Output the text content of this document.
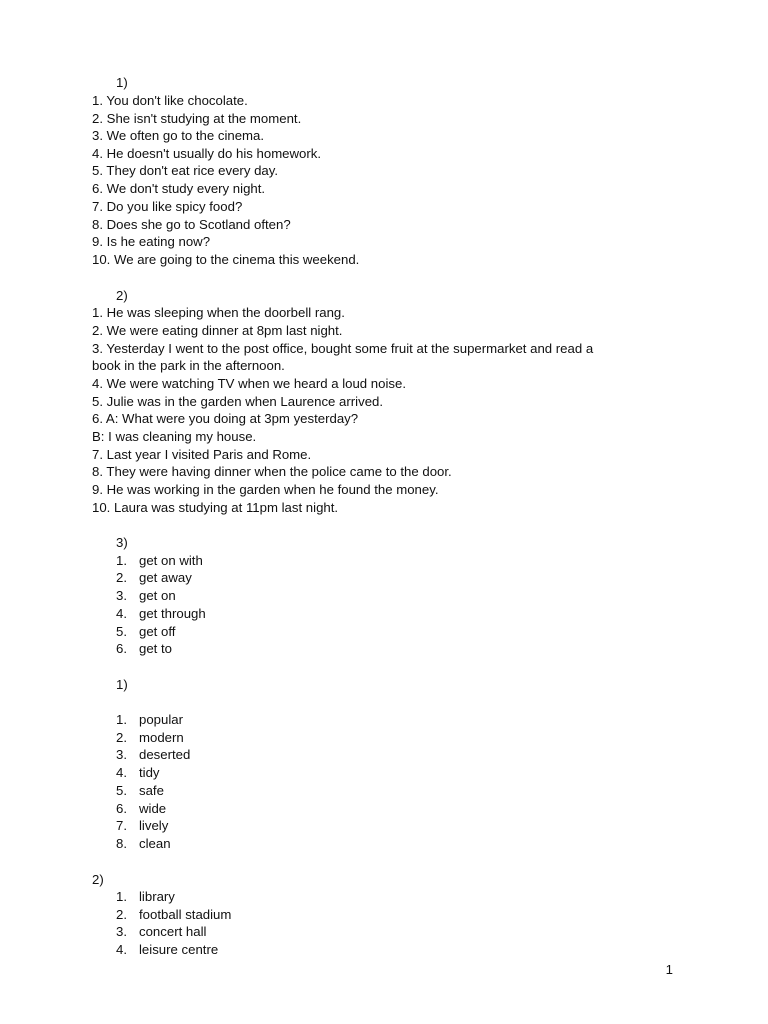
1)
1. You don't like chocolate.
2. She isn't studying at the moment.
3. We often go to the cinema.
4. He doesn't usually do his homework.
5. They don't eat rice every day.
6. We don't study every night.
7. Do you like spicy food?
8. Does she go to Scotland often?
9. Is he eating now?
10. We are going to the cinema this weekend.
2)
1. He was sleeping when the doorbell rang.
2. We were eating dinner at 8pm last night.
3. Yesterday I went to the post office, bought some fruit at the supermarket and read a
book in the park in the afternoon.
4. We were watching TV when we heard a loud noise.
5. Julie was in the garden when Laurence arrived.
6. A: What were you doing at 3pm yesterday?
B: I was cleaning my house.
7. Last year I visited Paris and Rome.
8. They were having dinner when the police came to the door.
9. He was working in the garden when he found the money.
10. Laura was studying at 11pm last night.
3)
1. get on with
2. get away
3. get on
4. get through
5. get off
6. get to
1)
1. popular
2. modern
3. deserted
4. tidy
5. safe
6. wide
7. lively
8. clean
2)
1. library
2. football stadium
3. concert hall
4. leisure centre
1
